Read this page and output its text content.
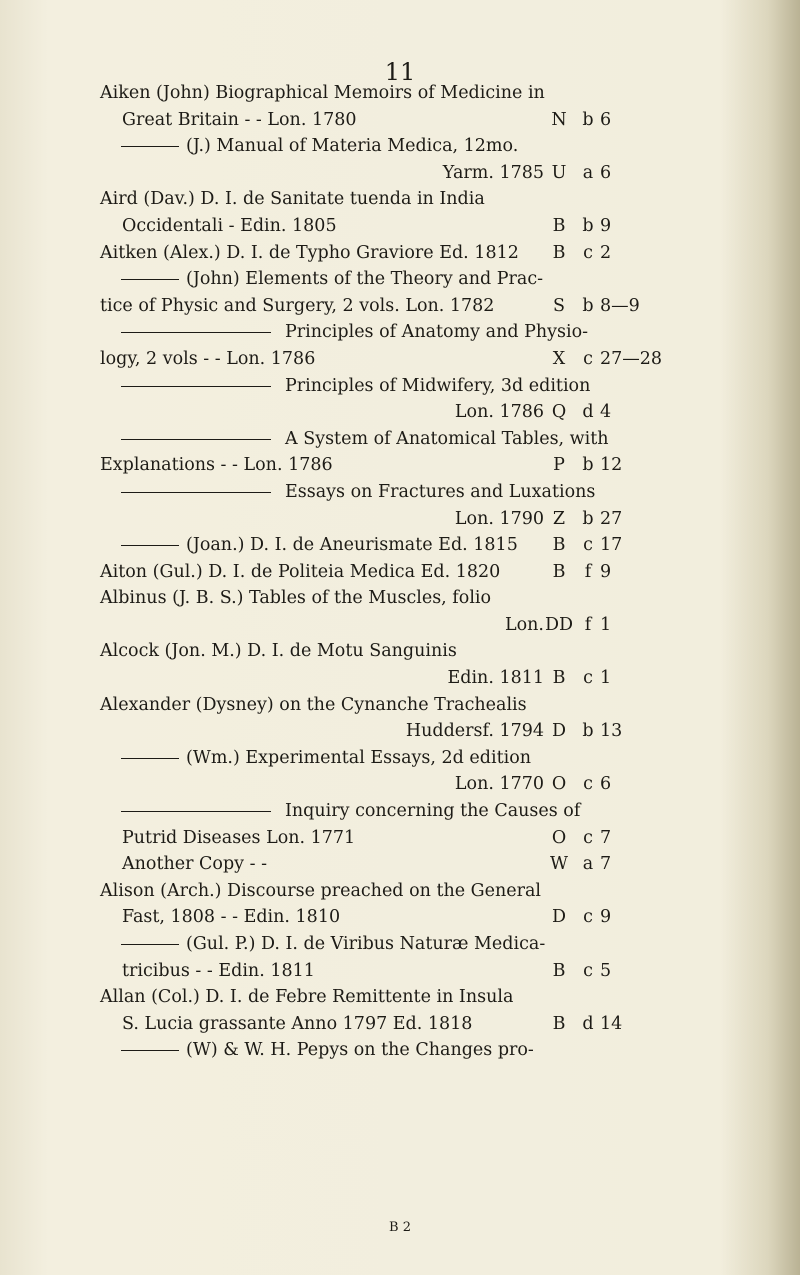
11
Aiken (John) Biographical Memoirs of Medicine in
Great Britain - - Lon. 1780	N b 6
(J.) Manual of Materia Medica, 12mo.
Yarm. 1785 U a 6
Aird (Dav.) D. I. de Sanitate tuenda in India
Occidentali - Edin. 1805	B b 9
Aitken (Alex.) D. I. de Typho Graviore Ed. 1812	B	c 2
(John) Elements of the Theory and Prac-
tice of Physic and Surgery, 2 vols. Lon. 1782	S b 8—9
Principles of Anatomy and Physio-
logy, 2 vols - - Lon. 1786	X	c 27—28
Principles of Midwifery, 3d edition
Lon. 1786 Q d 4
A System of Anatomical Tables, with
Explanations - - Lon. 1786	P	b 12
Essays on Fractures and Luxations
Lon. 1790 Z b 27
(Joan.) D. I. de Aneurismate Ed. 1815	B	c 17
Aiton (Gul.) D. I. de Politeia Medica Ed. 1820	B	f 9
Albinus (J. B. S.) Tables of the Muscles, folio
Lon. DD f 1
Alcock (Jon. M.) D. I. de Motu Sanguinis
Edin. 1811 B	c 1
Alexander (Dysney) on the Cynanche Trachealis
Huddersf. 1794 D b 13
(Wm.) Experimental Essays, 2d edition
Lon. 1770 O c 6
Inquiry concerning the Causes of
Putrid Diseases Lon. 1771	O c 7
Another Copy - -	W a 7
Alison (Arch.) Discourse preached on the General
Fast, 1808 - - Edin. 1810	D c 9
(Gul. P.) D. I. de Viribus Naturæ Medica-
tricibus - - Edin. 1811	B	c 5
Allan (Col.) D. I. de Febre Remittente in Insula
S. Lucia grassante Anno 1797 Ed. 1818	B d 14
(W) & W. H. Pepys on the Changes pro-
B 2
